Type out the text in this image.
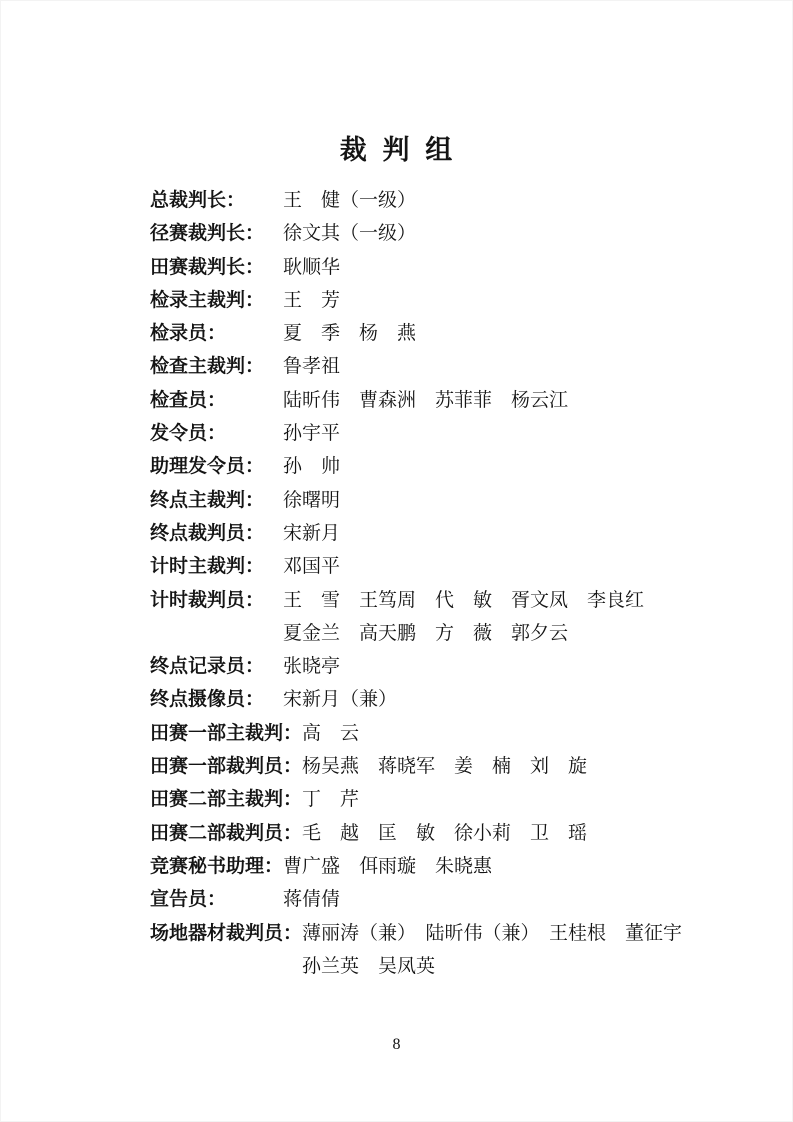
裁 判 组
总裁判长：	王　健（一级）
径赛裁判长： 徐文其（一级）
田赛裁判长： 耿顺华
检录主裁判： 王　芳
检录员：	夏　季　杨　燕
检查主裁判： 鲁孝祖
检查员：	陆昕伟　曹森洲　苏菲菲　杨云江
发令员：	孙宇平
助理发令员： 孙　帅
终点主裁判： 徐曙明
终点裁判员： 宋新月
计时主裁判： 邓国平
计时裁判员： 王　雪　王笃周　代　敏　胥文凤　李良红
夏金兰　高天鹏　方　薇　郭夕云
终点记录员： 张晓亭
终点摄像员： 宋新月（兼）
田赛一部主裁判： 高　云
田赛一部裁判员： 杨吴燕　蒋晓军　姜　楠　刘　旋
田赛二部主裁判： 丁　芹
田赛二部裁判员： 毛　越　匡　敏　徐小莉　卫　瑶
竞赛秘书助理： 曹广盛　佴雨璇　朱晓惠
宣告员：	蒋倩倩
场地器材裁判员： 薄丽涛（兼）　陆昕伟（兼）　王桂根　董征宇
孙兰英　吴凤英
8
